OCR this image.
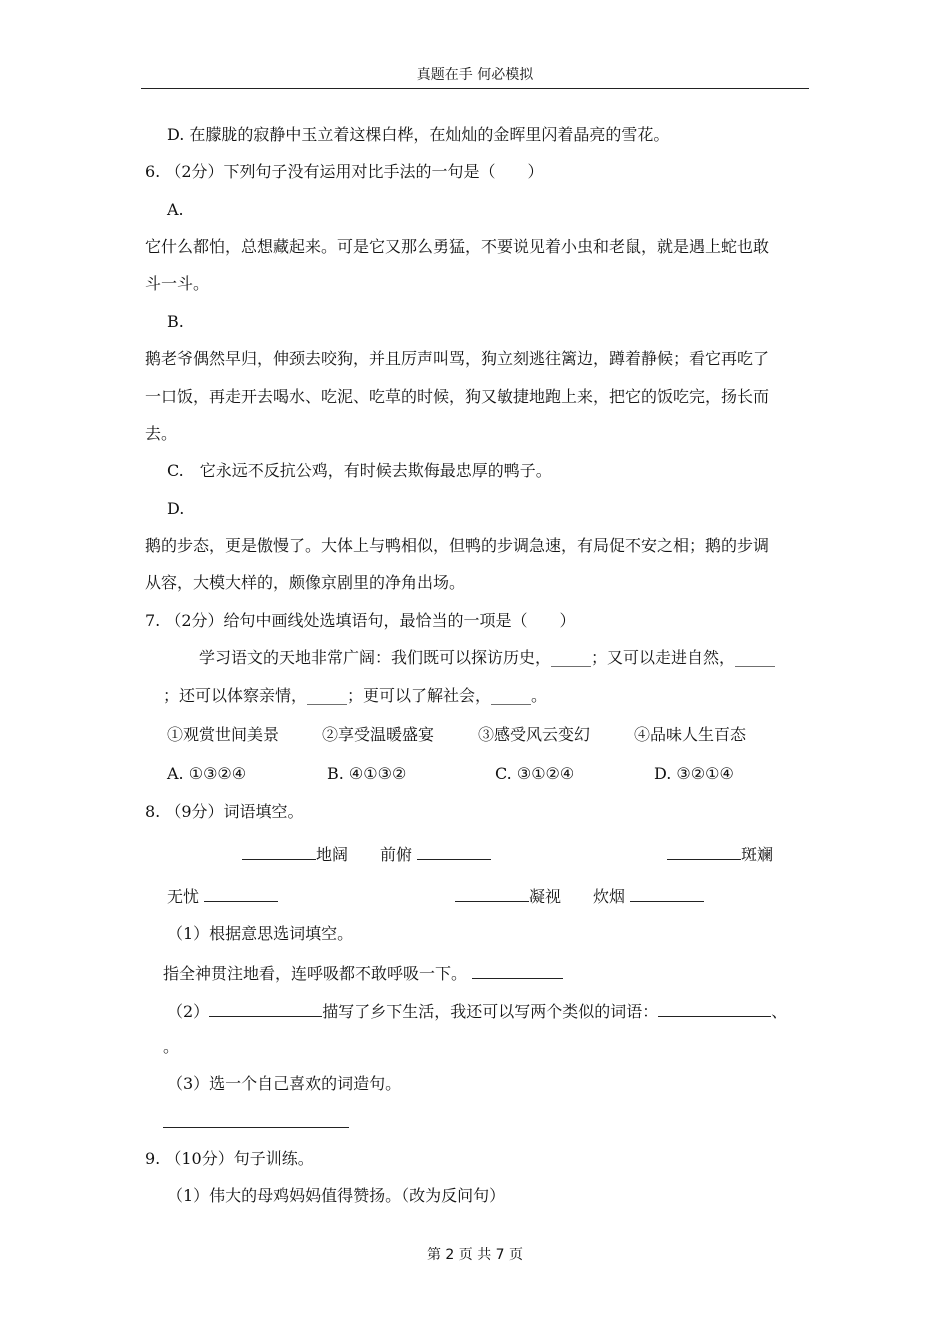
真题在手 何必模拟
D. 在朦胧的寂静中玉立着这棵白桦，在灿灿的金晖里闪着晶亮的雪花。
6. （2分）下列句子没有运用对比手法的一句是（　　）
A.
它什么都怕，总想藏起来。可是它又那么勇猛，不要说见着小虫和老鼠，就是遇上蛇也敢
斗一斗。
B.
鹅老爷偶然早归，伸颈去咬狗，并且厉声叫骂，狗立刻逃往篱边，蹲着静候；看它再吃了
一口饭，再走开去喝水、吃泥、吃草的时候，狗又敏捷地跑上来，把它的饭吃完，扬长而
去。
C.　它永远不反抗公鸡，有时候去欺侮最忠厚的鸭子。
D.
鹅的步态，更是傲慢了。大体上与鸭相似，但鸭的步调急速，有局促不安之相；鹅的步调
从容，大模大样的，颇像京剧里的净角出场。
7. （2分）给句中画线处选填语句，最恰当的一项是（　　）
学习语文的天地非常广阔：我们既可以探访历史，_____；又可以走进自然，_____
；还可以体察亲情，_____；更可以了解社会，_____。
①观赏世间美景	②享受温暖盛宴	③感受风云变幻	④品味人生百态
A. ①③②④	B. ④①③②	C. ③①②④	D. ③②①④
8. （9分）词语填空。
地阔 前俯	斑斓
无忧	凝视 炊烟
（1）根据意思选词填空。
指全神贯注地看，连呼吸都不敢呼吸一下。
（2）	描写了乡下生活，我还可以写两个类似的词语：	、
。
（3）选一个自己喜欢的词造句。
9. （10分）句子训练。
（1）伟大的母鸡妈妈值得赞扬。（改为反问句）
第 2 页 共 7 页
